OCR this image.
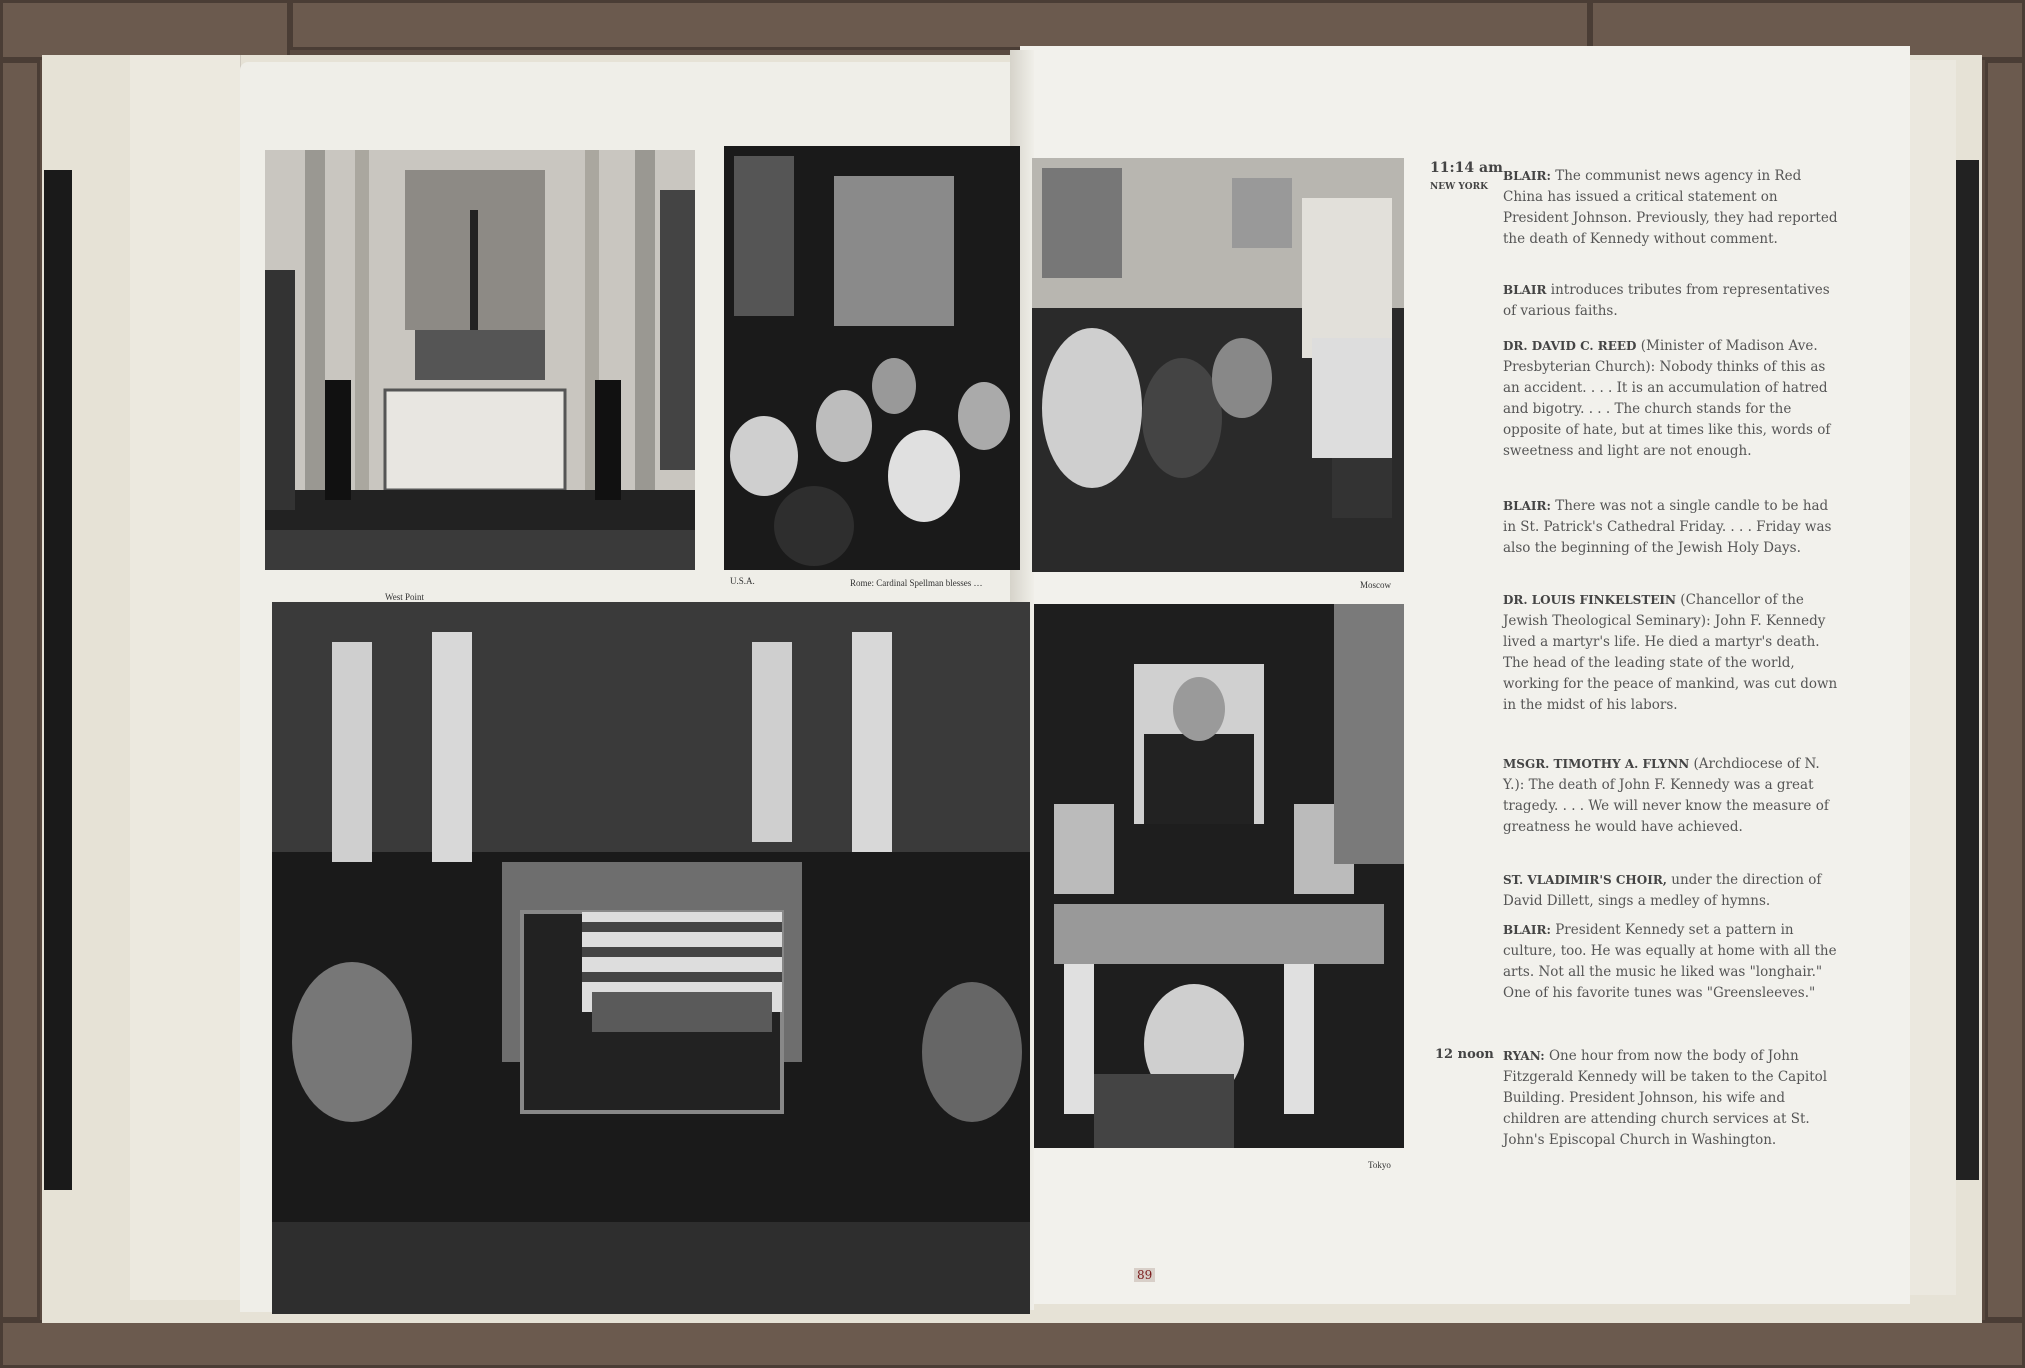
West Point
U.S.A.	Rome: Cardinal Spellman blesses …	Moscow
Tokyo
89
11:14 am
NEW YORK
12 noon
BLAIR: The communist news agency in Red China has issued a critical statement on President Johnson. Previously, they had reported the death of Kennedy without comment.
BLAIR introduces tributes from representatives of various faiths.
DR. DAVID C. REED (Minister of Madison Ave. Presbyterian Church): Nobody thinks of this as an accident. . . . It is an accumulation of hatred and bigotry. . . . The church stands for the opposite of hate, but at times like this, words of sweetness and light are not enough.
BLAIR: There was not a single candle to be had in St. Patrick's Cathedral Friday. . . . Friday was also the beginning of the Jewish Holy Days.
DR. LOUIS FINKELSTEIN (Chancellor of the Jewish Theological Seminary): John F. Kennedy lived a martyr's life. He died a martyr's death. The head of the leading state of the world, working for the peace of mankind, was cut down in the midst of his labors.
MSGR. TIMOTHY A. FLYNN (Archdiocese of N. Y.): The death of John F. Kennedy was a great tragedy. . . . We will never know the measure of greatness he would have achieved.
ST. VLADIMIR'S CHOIR, under the direction of David Dillett, sings a medley of hymns.
BLAIR: President Kennedy set a pattern in culture, too. He was equally at home with all the arts. Not all the music he liked was "longhair." One of his favorite tunes was "Greensleeves."
RYAN: One hour from now the body of John Fitzgerald Kennedy will be taken to the Capitol Building. President Johnson, his wife and children are attending church services at St. John's Episcopal Church in Washington.
